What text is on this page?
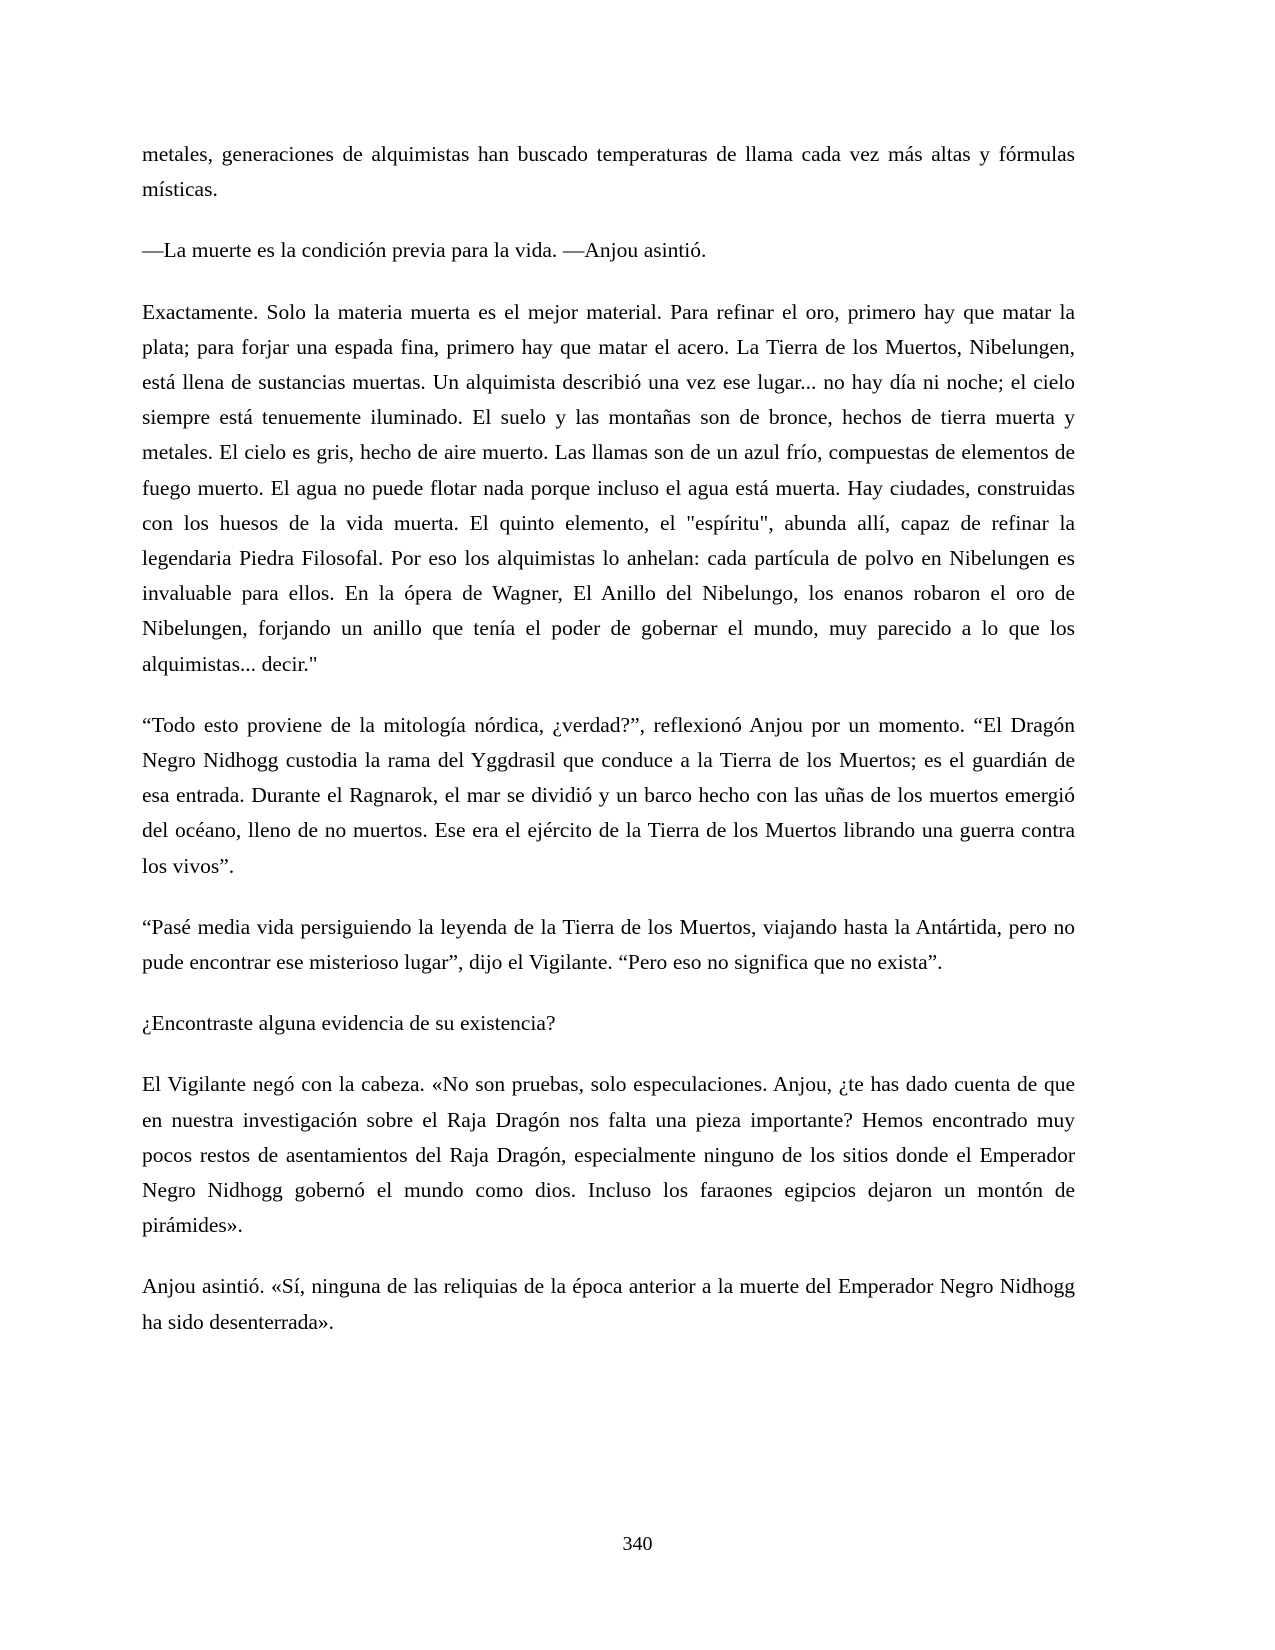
metales, generaciones de alquimistas han buscado temperaturas de llama cada vez más altas y fórmulas místicas.

—La muerte es la condición previa para la vida. —Anjou asintió.

Exactamente. Solo la materia muerta es el mejor material. Para refinar el oro, primero hay que matar la plata; para forjar una espada fina, primero hay que matar el acero. La Tierra de los Muertos, Nibelungen, está llena de sustancias muertas. Un alquimista describió una vez ese lugar... no hay día ni noche; el cielo siempre está tenuemente iluminado. El suelo y las montañas son de bronce, hechos de tierra muerta y metales. El cielo es gris, hecho de aire muerto. Las llamas son de un azul frío, compuestas de elementos de fuego muerto. El agua no puede flotar nada porque incluso el agua está muerta. Hay ciudades, construidas con los huesos de la vida muerta. El quinto elemento, el "espíritu", abunda allí, capaz de refinar la legendaria Piedra Filosofal. Por eso los alquimistas lo anhelan: cada partícula de polvo en Nibelungen es invaluable para ellos. En la ópera de Wagner, El Anillo del Nibelungo, los enanos robaron el oro de Nibelungen, forjando un anillo que tenía el poder de gobernar el mundo, muy parecido a lo que los alquimistas... decir."

“Todo esto proviene de la mitología nórdica, ¿verdad?”, reflexionó Anjou por un momento. “El Dragón Negro Nidhogg custodia la rama del Yggdrasil que conduce a la Tierra de los Muertos; es el guardián de esa entrada. Durante el Ragnarok, el mar se dividió y un barco hecho con las uñas de los muertos emergió del océano, lleno de no muertos. Ese era el ejército de la Tierra de los Muertos librando una guerra contra los vivos”.

“Pasé media vida persiguiendo la leyenda de la Tierra de los Muertos, viajando hasta la Antártida, pero no pude encontrar ese misterioso lugar”, dijo el Vigilante. “Pero eso no significa que no exista”.

¿Encontraste alguna evidencia de su existencia?

El Vigilante negó con la cabeza. «No son pruebas, solo especulaciones. Anjou, ¿te has dado cuenta de que en nuestra investigación sobre el Raja Dragón nos falta una pieza importante? Hemos encontrado muy pocos restos de asentamientos del Raja Dragón, especialmente ninguno de los sitios donde el Emperador Negro Nidhogg gobernó el mundo como dios. Incluso los faraones egipcios dejaron un montón de pirámides».

Anjou asintió. «Sí, ninguna de las reliquias de la época anterior a la muerte del Emperador Negro Nidhogg ha sido desenterrada».

340
